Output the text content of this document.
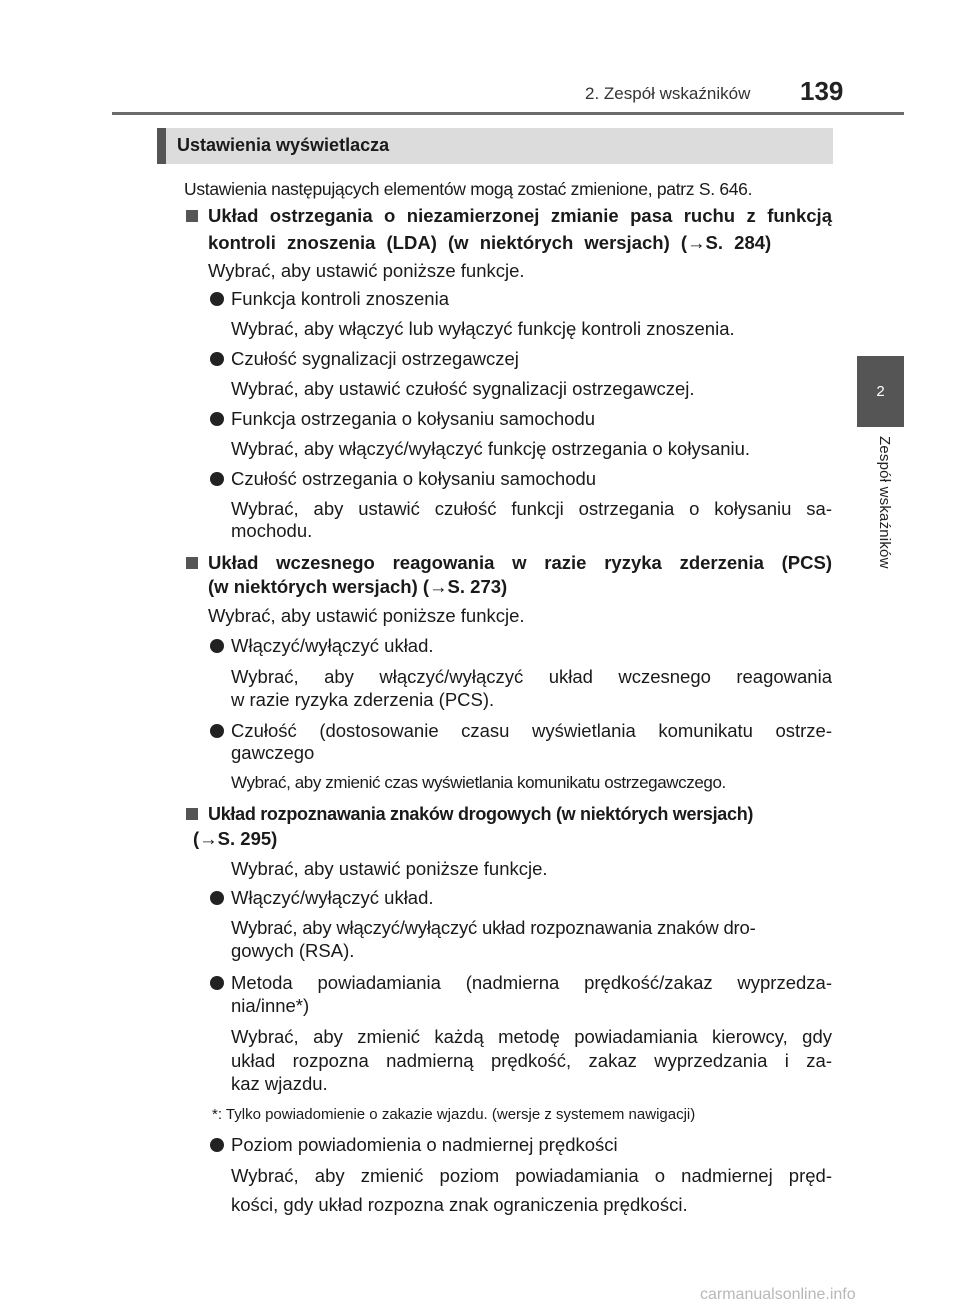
2. Zespół wskaźników 139
2
Zespół wskaźników
Ustawienia wyświetlacza
Ustawienia następujących elementów mogą zostać zmienione, patrz S. 646.
Układ ostrzegania o niezamierzonej zmianie pasa ruchu z funkcją
kontroli znoszenia (LDA) (w niektórych wersjach) (→S. 284)
Wybrać, aby ustawić poniższe funkcje.
Funkcja kontroli znoszenia
Wybrać, aby włączyć lub wyłączyć funkcję kontroli znoszenia.
Czułość sygnalizacji ostrzegawczej
Wybrać, aby ustawić czułość sygnalizacji ostrzegawczej.
Funkcja ostrzegania o kołysaniu samochodu
Wybrać, aby włączyć/wyłączyć funkcję ostrzegania o kołysaniu.
Czułość ostrzegania o kołysaniu samochodu
Wybrać, aby ustawić czułość funkcji ostrzegania o kołysaniu sa-
mochodu.
Układ wczesnego reagowania w razie ryzyka zderzenia (PCS)
(w niektórych wersjach) (→S. 273)
Wybrać, aby ustawić poniższe funkcje.
Włączyć/wyłączyć układ.
Wybrać, aby włączyć/wyłączyć układ wczesnego reagowania
w razie ryzyka zderzenia (PCS).
Czułość (dostosowanie czasu wyświetlania komunikatu ostrze-
gawczego
Wybrać, aby zmienić czas wyświetlania komunikatu ostrzegawczego.
Układ rozpoznawania znaków drogowych (w niektórych wersjach)
(→S. 295)
Wybrać, aby ustawić poniższe funkcje.
Włączyć/wyłączyć układ.
Wybrać, aby włączyć/wyłączyć układ rozpoznawania znaków dro-
gowych (RSA).
Metoda powiadamiania (nadmierna prędkość/zakaz wyprzedza-
nia/inne*)
Wybrać, aby zmienić każdą metodę powiadamiania kierowcy, gdy
układ rozpozna nadmierną prędkość, zakaz wyprzedzania i za-
kaz wjazdu.
*: Tylko powiadomienie o zakazie wjazdu. (wersje z systemem nawigacji)
Poziom powiadomienia o nadmiernej prędkości
Wybrać, aby zmienić poziom powiadamiania o nadmiernej pręd-
kości, gdy układ rozpozna znak ograniczenia prędkości.
carmanualsonline.info
